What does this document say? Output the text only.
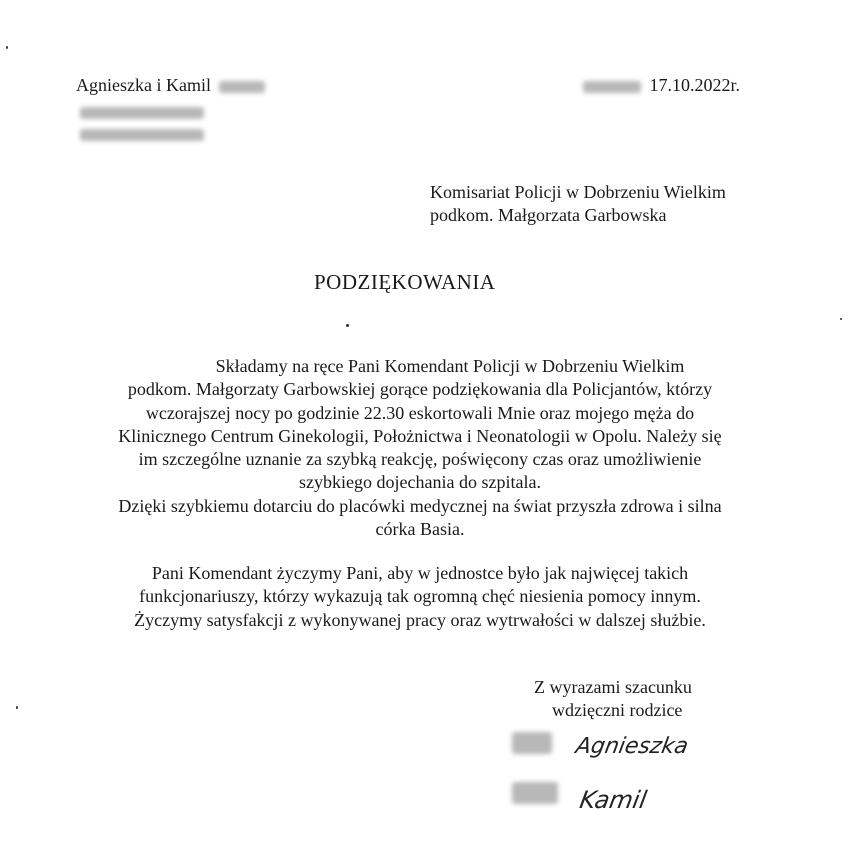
Agnieszka i Kamil	17.10.2022r.
Komisariat Policji w Dobrzeniu Wielkim
podkom. Małgorzata Garbowska
PODZIĘKOWANIA

Składamy na ręce Pani Komendant Policji w Dobrzeniu Wielkim

podkom. Małgorzaty Garbowskiej gorące podziękowania dla Policjantów, którzy

wczorajszej nocy po godzinie 22.30 eskortowali Mnie oraz mojego męża do

Klinicznego Centrum Ginekologii, Położnictwa i Neonatologii w Opolu. Należy się

im szczególne uznanie za szybką reakcję, poświęcony czas oraz umożliwienie

szybkiego dojechania do szpitala.

Dzięki szybkiemu dotarciu do placówki medycznej na świat przyszła zdrowa i silna

córka Basia.

Pani Komendant życzymy Pani, aby w jednostce było jak najwięcej takich

funkcjonariuszy, którzy wykazują tak ogromną chęć niesienia pomocy innym.

Życzymy satysfakcji z wykonywanej pracy oraz wytrwałości w dalszej służbie.

Z wyrazami szacunku
wdzięczni rodzice
Agnieszka
Kamil
